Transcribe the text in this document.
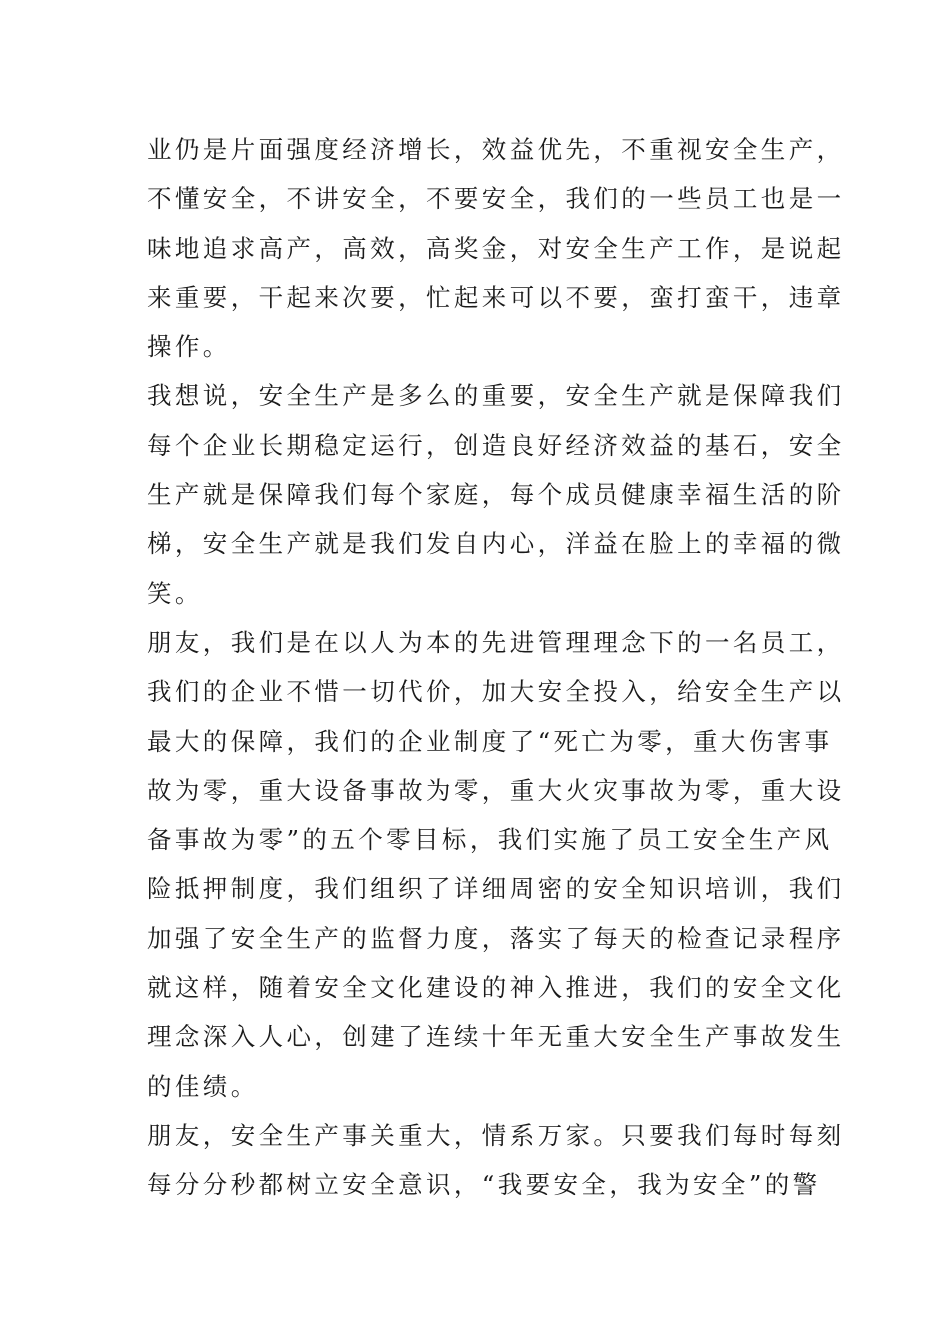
业仍是片面强度经济增长，效益优先，不重视安全生产，
不懂安全，不讲安全，不要安全，我们的一些员工也是一
味地追求高产，高效，高奖金，对安全生产工作，是说起
来重要，干起来次要，忙起来可以不要，蛮打蛮干，违章
操作。
我想说，安全生产是多么的重要，安全生产就是保障我们
每个企业长期稳定运行，创造良好经济效益的基石，安全
生产就是保障我们每个家庭，每个成员健康幸福生活的阶
梯，安全生产就是我们发自内心，洋益在脸上的幸福的微
笑。
朋友，我们是在以人为本的先进管理理念下的一名员工，
我们的企业不惜一切代价，加大安全投入，给安全生产以
最大的保障，我们的企业制度了“死亡为零，重大伤害事
故为零，重大设备事故为零，重大火灾事故为零，重大设
备事故为零”的五个零目标，我们实施了员工安全生产风
险抵押制度，我们组织了详细周密的安全知识培训，我们
加强了安全生产的监督力度，落实了每天的检查记录程序
就这样，随着安全文化建设的神入推进，我们的安全文化
理念深入人心，创建了连续十年无重大安全生产事故发生
的佳绩。
朋友，安全生产事关重大，情系万家。只要我们每时每刻
每分分秒都树立安全意识，“我要安全，我为安全”的警
